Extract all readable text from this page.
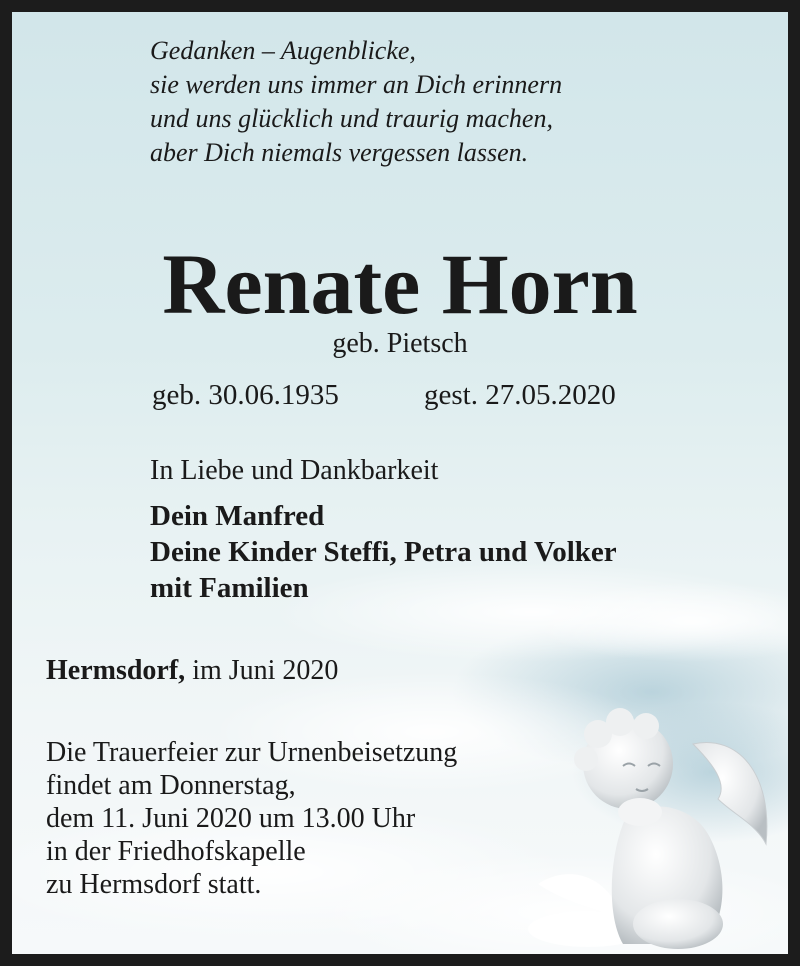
Gedanken – Augenblicke,
sie werden uns immer an Dich erinnern
und uns glücklich und traurig machen,
aber Dich niemals vergessen lassen.
Renate Horn
geb. Pietsch
geb. 30.06.1935	gest. 27.05.2020
In Liebe und Dankbarkeit
Dein Manfred
Deine Kinder Steffi, Petra und Volker
mit Familien
Hermsdorf, im Juni 2020
Die Trauerfeier zur Urnenbeisetzung
findet am Donnerstag,
dem 11. Juni 2020 um 13.00 Uhr
in der Friedhofskapelle
zu Hermsdorf statt.
